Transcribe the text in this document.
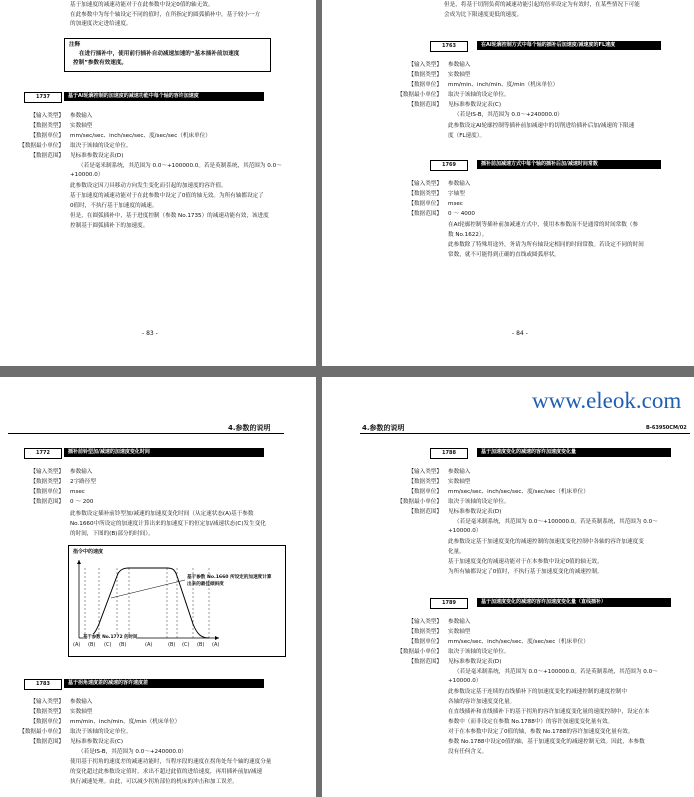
基于加速度的减速功能对于在此参数中设定0值的轴无效。
在此参数中为每个轴设定不同的值时，在所指定的圆弧插补中，基于较小一方
的加速度决定进给速度。
注释
在进行插补中，使用前行插补自动减速加速的“基本插补前加速度
控制”参数有效速度。
1737	基于AI轮廓控制的加速度的减速功能中每个轴的容许加速度
【输入类型】 参数输入
【数据类型】 实数轴型
【数据单位】 mm/sec/sec、inch/sec/sec、度/sec/sec（机床单位）
【数据最小单位】 取决于该轴的设定单位。
【数据范围】 见标准参数设定表(D)
（若是毫米制系统，其范围为 0.0～+100000.0。若是英制系统，其范围为 0.0～
+10000.0）
此参数设定因刀具移动方向发生变化而引起的加速度的容许值。
基于加速度的减速功能对于在此参数中设定了0值的轴无效。为所有轴都设定了
0值时，不执行基于加速度的减速。
但是，在圆弧插补中，基于进度控制（参数 No.1735）的减速功能有效，该进度
控制基于圆弧插补下的加速度。
- 83 -
但是，将基于切削负荷的减速功能引起的倍率设定为有效时，在某些情况下可能
会成为比下限速度更低的速度。
1763	在AI轮廓控制方式中每个轴的插补后加速度/减速度的FL速度
【输入类型】 参数输入
【数据类型】 实数轴型
【数据单位】 mm/min、inch/min、度/min（机床单位）
【数据最小单位】 取决于该轴的设定单位。
【数据范围】 见标准参数设定表(C)
（若是IS-B，其范围为 0.0～+240000.0）
此参数设定AI轮廓控制等插补前加减速中的切削进给插补后加/减速的下限速
度（FL速度）。
1769	插补前加减速方式中每个轴的插补后加/减速时间常数
【输入类型】 参数输入
【数据类型】 字轴型
【数据单位】 msec
【数据范围】 0 ～ 4000
在AI轮廓控制等插补前加减速方式中，使用本参数而不是通常的时间常数（参
数 No.1622）。
此参数除了特殊用途外，务请为所有轴设定相同的时间常数。若设定不同的时间
常数，就不可能得到正确的直线或圆弧形状。
- 84 -
4.参数的说明
1772	插补前铃型加/减速的加速度变化时间
【输入类型】 参数输入
【数据类型】 2字路径型
【数据单位】 msec
【数据范围】 0 ～ 200
此参数设定插补前铃型加/减速的加速度变化时间（从定速状态(A)基于参数
No.1660中所设定的加速度计算出来的加速度下的恒定加/减速状态(C)发生变化
的时间，下图的(B)部分的时间）。
指令中的速度
基于参数 No.1660 所设定的加速度计算
出来的最佳倾斜度
(A) (B) (C) (B)	(A)	(B) (C) (B) (A)
基于参数 No.1772 的时间
1783	基于拐角速度差的减速的容许速度差
【输入类型】 参数输入
【数据类型】 实数轴型
【数据单位】 mm/min、inch/min、度/min（机床单位）
【数据最小单位】 取决于该轴的设定单位。
【数据范围】 见标准参数设定表(C)
（若是IS-B，其范围为 0.0～+240000.0）
使用基于拐角的速度差的减速功能时，当程序段的速度在拐角处每个轴的速度分量
的变化超过此参数设定值时，求出不超过此值的进给速度，再用插补前加/减速
执行减速处理。由此，可以减少拐角部位的机床的冲击和加工误差。
4.参数的说明	B-63950CM/02
1788	基于加速度变化的减速的容许加速度变化量
【输入类型】 参数输入
【数据类型】 实数轴型
【数据单位】 mm/sec/sec、inch/sec/sec、度/sec/sec（机床单位）
【数据最小单位】 取决于该轴的设定单位。
【数据范围】 见标准参数设定表(D)
（若是毫米制系统，其范围为 0.0～+100000.0。若是英制系统，其范围为 0.0～
+10000.0）
此参数设定基于加速度变化的减速控制的加速度变化控制中各轴的容许加速度变
化量。
基于加速度变化的减速功能对于在本参数中设定0值的轴无效。
为所有轴都设定了0值时，不执行基于加速度变化的减速控制。
1789	基于加速度变化的减速的容许加速度变化量（直线插补）
【输入类型】 参数输入
【数据类型】 实数轴型
【数据单位】 mm/sec/sec、inch/sec/sec、度/sec/sec（机床单位）
【数据最小单位】 取决于该轴的设定单位。
【数据范围】 见标准参数设定表(D)
（若是毫米制系统，其范围为 0.0～+100000.0。若是英制系统，其范围为 0.0～
+10000.0）
此参数设定基于连续的直线插补下的加速度变化的减速控制的速度控制中
各轴的容许加速度变化量。
在直线插补和直线插补下的基于拐角的容许加速度变化量的速度控制中，设定在本
参数中（而非设定在参数 No.1788中）的容许加速度变化量有效。
对于在本参数中设定了0值的轴，参数 No.1788的容许加速度变化量有效。
参数 No.1788中设定0值的轴，基于加速度变化的减速控制无效。因此，本参数
没有任何含义。
www.eleok.com
